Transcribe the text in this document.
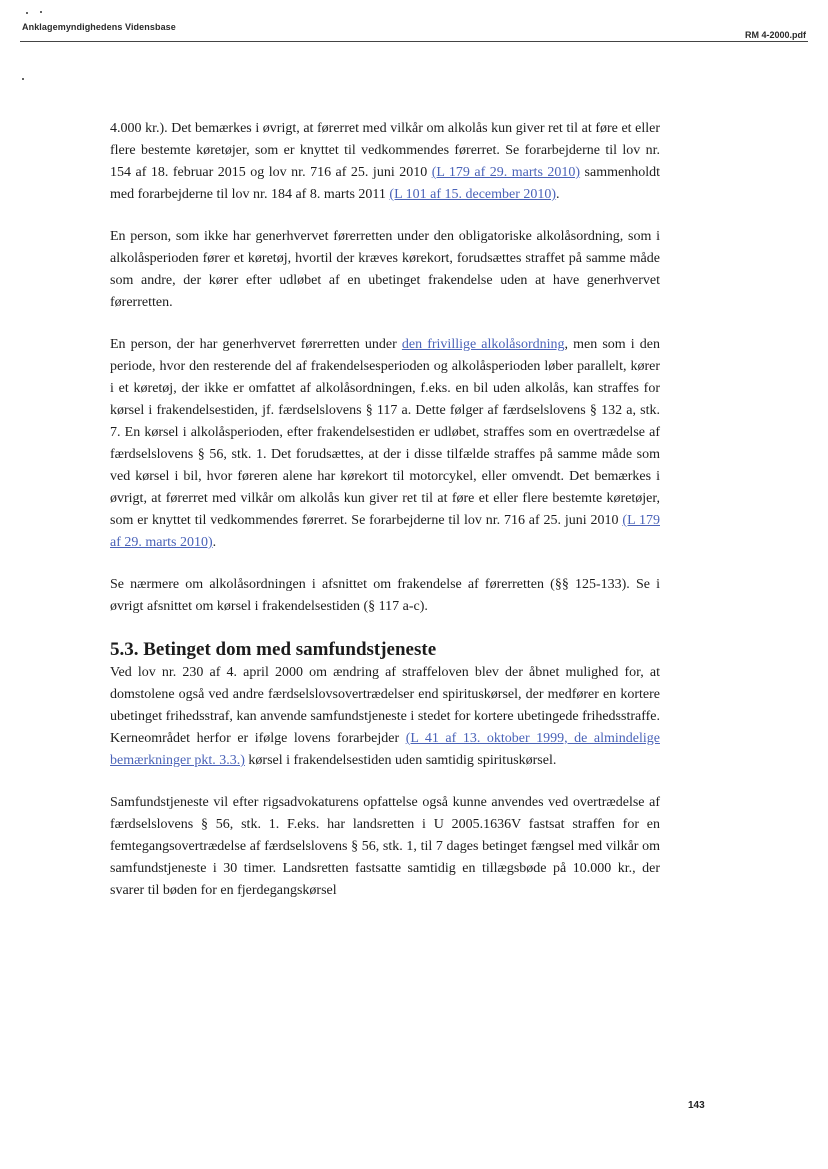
Anklagemyndighedens Vidensbase
RM 4-2000.pdf

4.000 kr.). Det bemærkes i øvrigt, at førerret med vilkår om alkolås kun giver ret til at føre et eller flere bestemte køretøjer, som er knyttet til vedkommendes førerret. Se forarbejderne til lov nr. 154 af 18. februar 2015 og lov nr. 716 af 25. juni 2010 (L 179 af 29. marts 2010) sammenholdt med forarbejderne til lov nr. 184 af 8. marts 2011 (L 101 af 15. december 2010).

En person, som ikke har generhvervet førerretten under den obligatoriske alkolåsordning, som i alkolåsperioden fører et køretøj, hvortil der kræves kørekort, forudsættes straffet på samme måde som andre, der kører efter udløbet af en ubetinget frakendelse uden at have generhvervet førerretten.

En person, der har generhvervet førerretten under den frivillige alkolåsordning, men som i den periode, hvor den resterende del af frakendelsesperioden og alkolåsperioden løber parallelt, kører i et køretøj, der ikke er omfattet af alkolåsordningen, f.eks. en bil uden alkolås, kan straffes for kørsel i frakendelsestiden, jf. færdselslovens § 117 a. Dette følger af færdselslovens § 132 a, stk. 7. En kørsel i alkolåsperioden, efter frakendelsestiden er udløbet, straffes som en overtrædelse af færdselslovens § 56, stk. 1. Det forudsættes, at der i disse tilfælde straffes på samme måde som ved kørsel i bil, hvor føreren alene har kørekort til motorcykel, eller omvendt. Det bemærkes i øvrigt, at førerret med vilkår om alkolås kun giver ret til at føre et eller flere bestemte køretøjer, som er knyttet til vedkommendes førerret. Se forarbejderne til lov nr. 716 af 25. juni 2010 (L 179 af 29. marts 2010).

Se nærmere om alkolåsordningen i afsnittet om frakendelse af førerretten (§§ 125-133). Se i øvrigt afsnittet om kørsel i frakendelsestiden (§ 117 a-c).

5.3. Betinget dom med samfundstjeneste

Ved lov nr. 230 af 4. april 2000 om ændring af straffeloven blev der åbnet mulighed for, at domstolene også ved andre færdselslovsovertrædelser end spirituskørsel, der medfører en kortere ubetinget frihedsstraf, kan anvende samfundstjeneste i stedet for kortere ubetingede frihedsstraffe. Kerneområdet herfor er ifølge lovens forarbejder (L 41 af 13. oktober 1999, de almindelige bemærkninger pkt. 3.3.) kørsel i frakendelsestiden uden samtidig spirituskørsel.

Samfundstjeneste vil efter rigsadvokaturens opfattelse også kunne anvendes ved overtrædelse af færdselslovens § 56, stk. 1. F.eks. har landsretten i U 2005.1636V fastsat straffen for en femtegangsovertrædelse af færdselslovens § 56, stk. 1, til 7 dages betinget fængsel med vilkår om samfundstjeneste i 30 timer. Landsretten fastsatte samtidig en tillægsbøde på 10.000 kr., der svarer til bøden for en fjerdegangskørsel

143
